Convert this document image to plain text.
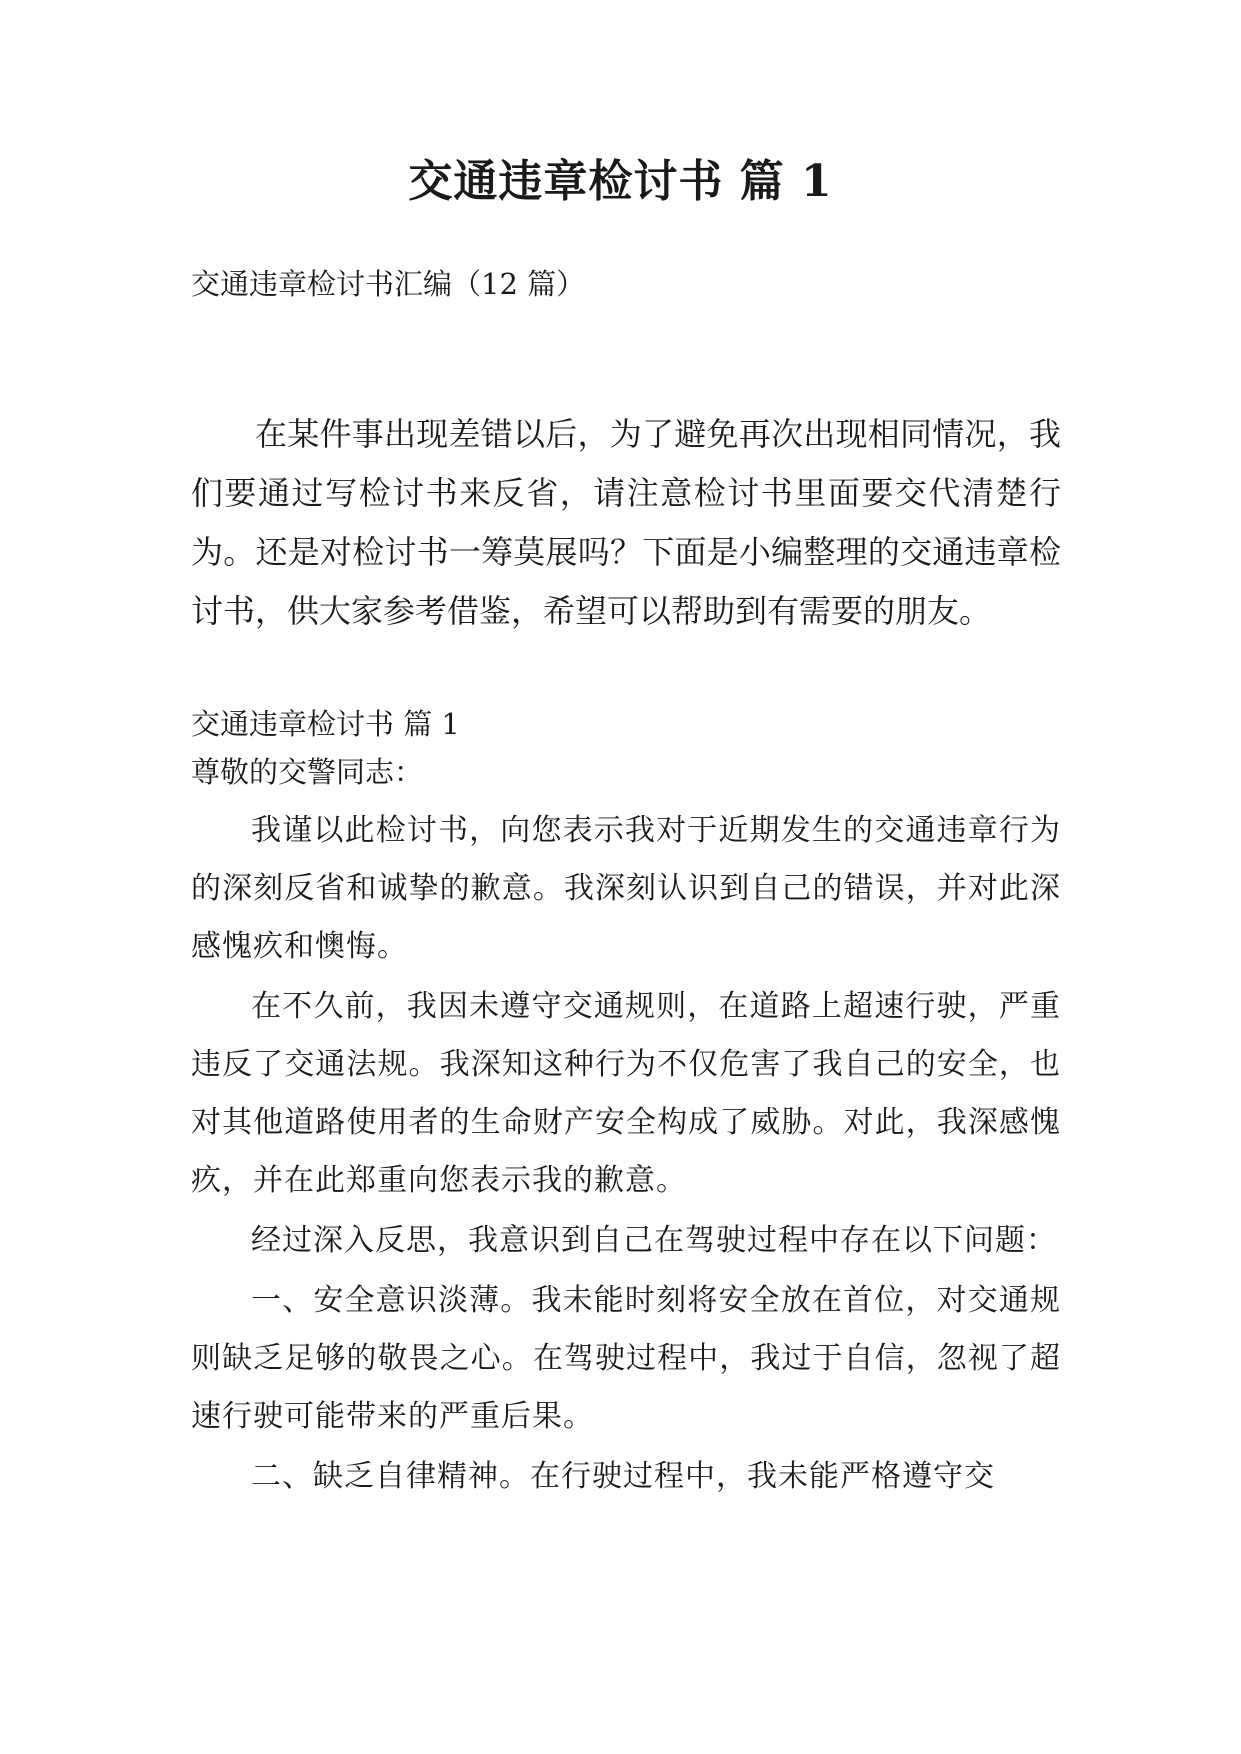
交通违章检讨书 篇 1

交通违章检讨书汇编（12 篇）

在某件事出现差错以后，为了避免再次出现相同情况，我们要通过写检讨书来反省，请注意检讨书里面要交代清楚行为。还是对检讨书一筹莫展吗？下面是小编整理的交通违章检讨书，供大家参考借鉴，希望可以帮助到有需要的朋友。

交通违章检讨书 篇 1

尊敬的交警同志：

我谨以此检讨书，向您表示我对于近期发生的交通违章行为的深刻反省和诚挚的歉意。我深刻认识到自己的错误，并对此深感愧疚和懊悔。

在不久前，我因未遵守交通规则，在道路上超速行驶，严重违反了交通法规。我深知这种行为不仅危害了我自己的安全，也对其他道路使用者的生命财产安全构成了威胁。对此，我深感愧疚，并在此郑重向您表示我的歉意。

经过深入反思，我意识到自己在驾驶过程中存在以下问题：

一、安全意识淡薄。我未能时刻将安全放在首位，对交通规则缺乏足够的敬畏之心。在驾驶过程中，我过于自信，忽视了超速行驶可能带来的严重后果。

二、缺乏自律精神。在行驶过程中，我未能严格遵守交
